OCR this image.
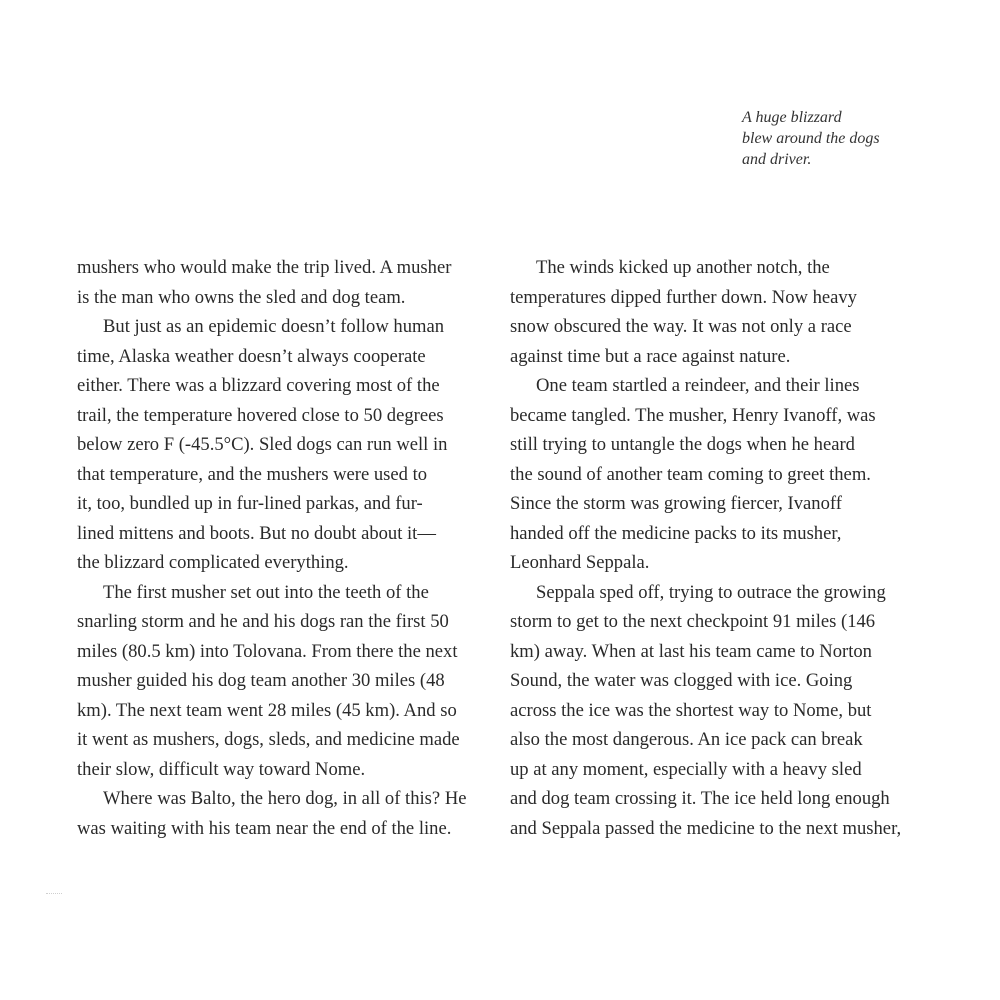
A huge blizzard
blew around the dogs
and driver.
mushers who would make the trip lived. A musher
is the man who owns the sled and dog team.
But just as an epidemic doesn’t follow human
time, Alaska weather doesn’t always cooperate
either. There was a blizzard covering most of the
trail, the temperature hovered close to 50 degrees
below zero F (-45.5°C). Sled dogs can run well in
that temperature, and the mushers were used to
it, too, bundled up in fur-lined parkas, and fur-
lined mittens and boots. But no doubt about it—
the blizzard complicated everything.
The first musher set out into the teeth of the
snarling storm and he and his dogs ran the first 50
miles (80.5 km) into Tolovana. From there the next
musher guided his dog team another 30 miles (48
km). The next team went 28 miles (45 km). And so
it went as mushers, dogs, sleds, and medicine made
their slow, difficult way toward Nome.
Where was Balto, the hero dog, in all of this? He
was waiting with his team near the end of the line.
The winds kicked up another notch, the
temperatures dipped further down. Now heavy
snow obscured the way. It was not only a race
against time but a race against nature.
One team startled a reindeer, and their lines
became tangled. The musher, Henry Ivanoff, was
still trying to untangle the dogs when he heard
the sound of another team coming to greet them.
Since the storm was growing fiercer, Ivanoff
handed off the medicine packs to its musher,
Leonhard Seppala.
Seppala sped off, trying to outrace the growing
storm to get to the next checkpoint 91 miles (146
km) away. When at last his team came to Norton
Sound, the water was clogged with ice. Going
across the ice was the shortest way to Nome, but
also the most dangerous. An ice pack can break
up at any moment, especially with a heavy sled
and dog team crossing it. The ice held long enough
and Seppala passed the medicine to the next musher,
